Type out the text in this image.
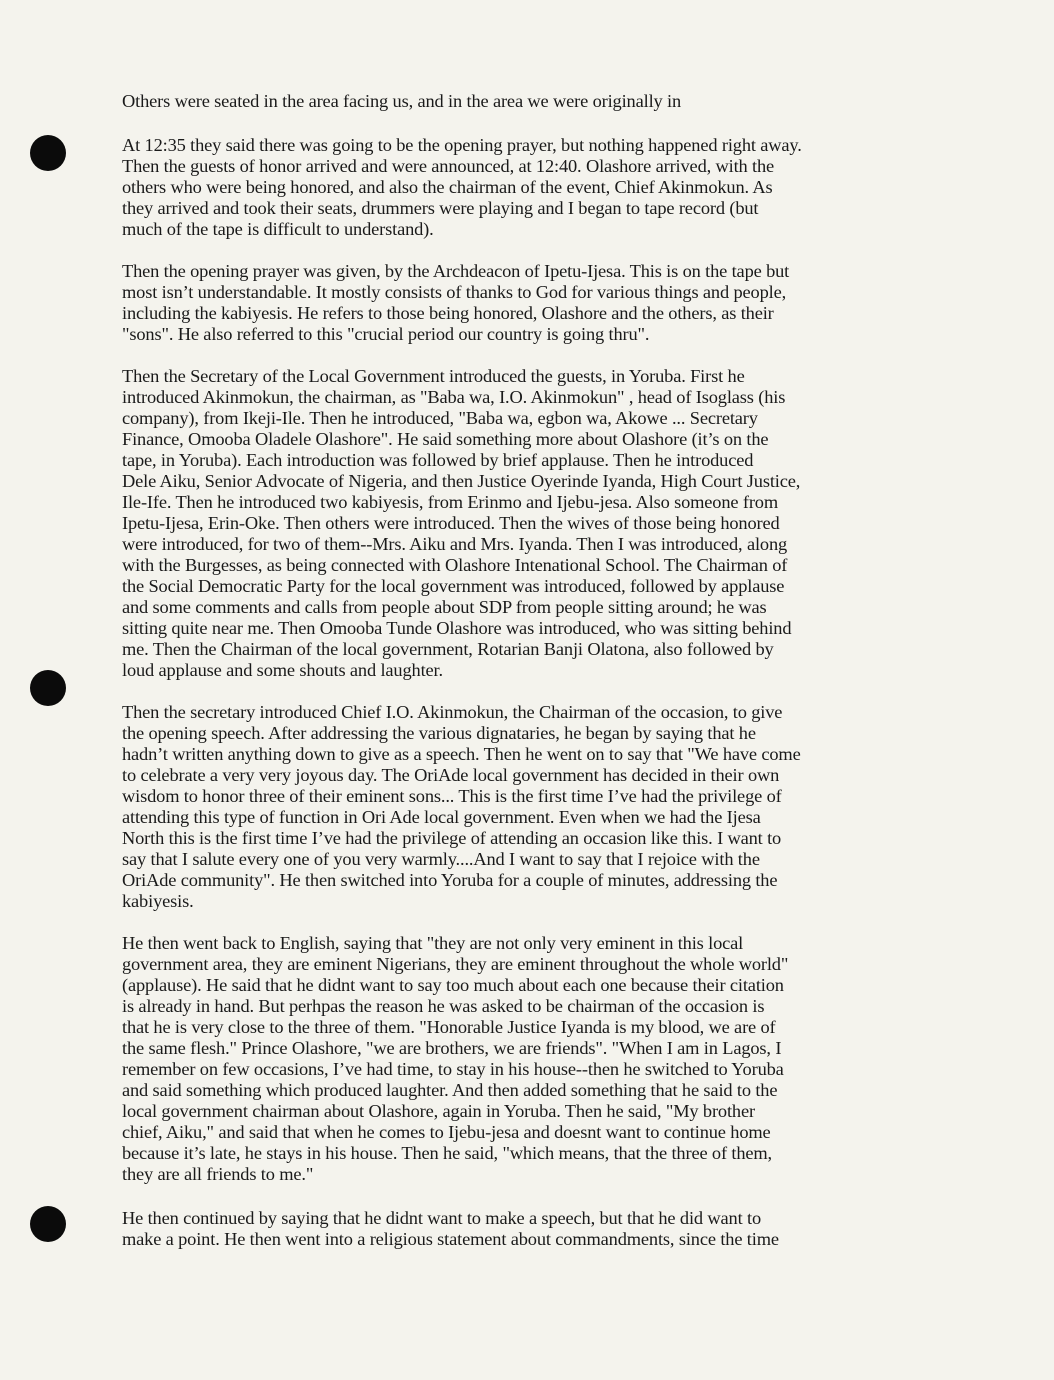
Others were seated in the area facing us, and in the area we were originally in

At 12:35 they said there was going to be the opening prayer, but nothing happened right away.
Then the guests of honor arrived and were announced, at 12:40. Olashore arrived, with the
others who were being honored, and also the chairman of the event, Chief Akinmokun. As
they arrived and took their seats, drummers were playing and I began to tape record (but
much of the tape is difficult to understand).

Then the opening prayer was given, by the Archdeacon of Ipetu-Ijesa. This is on the tape but
most isn’t understandable. It mostly consists of thanks to God for various things and people,
including the kabiyesis. He refers to those being honored, Olashore and the others, as their
"sons". He also referred to this "crucial period our country is going thru".

Then the Secretary of the Local Government introduced the guests, in Yoruba. First he
introduced Akinmokun, the chairman, as "Baba wa, I.O. Akinmokun" , head of Isoglass (his
company), from Ikeji-Ile. Then he introduced, "Baba wa, egbon wa, Akowe ... Secretary
Finance, Omooba Oladele Olashore". He said something more about Olashore (it’s on the
tape, in Yoruba). Each introduction was followed by brief applause. Then he introduced
Dele Aiku, Senior Advocate of Nigeria, and then Justice Oyerinde Iyanda, High Court Justice,
Ile-Ife. Then he introduced two kabiyesis, from Erinmo and Ijebu-jesa. Also someone from
Ipetu-Ijesa, Erin-Oke. Then others were introduced. Then the wives of those being honored
were introduced, for two of them--Mrs. Aiku and Mrs. Iyanda. Then I was introduced, along
with the Burgesses, as being connected with Olashore Intenational School. The Chairman of
the Social Democratic Party for the local government was introduced, followed by applause
and some comments and calls from people about SDP from people sitting around; he was
sitting quite near me. Then Omooba Tunde Olashore was introduced, who was sitting behind
me. Then the Chairman of the local government, Rotarian Banji Olatona, also followed by
loud applause and some shouts and laughter.

Then the secretary introduced Chief I.O. Akinmokun, the Chairman of the occasion, to give
the opening speech. After addressing the various dignataries, he began by saying that he
hadn’t written anything down to give as a speech. Then he went on to say that "We have come
to celebrate a very very joyous day. The OriAde local government has decided in their own
wisdom to honor three of their eminent sons... This is the first time I’ve had the privilege of
attending this type of function in Ori Ade local government. Even when we had the Ijesa
North this is the first time I’ve had the privilege of attending an occasion like this. I want to
say that I salute every one of you very warmly....And I want to say that I rejoice with the
OriAde community". He then switched into Yoruba for a couple of minutes, addressing the
kabiyesis.

He then went back to English, saying that "they are not only very eminent in this local
government area, they are eminent Nigerians, they are eminent throughout the whole world"
(applause). He said that he didnt want to say too much about each one because their citation
is already in hand. But perhpas the reason he was asked to be chairman of the occasion is
that he is very close to the three of them. "Honorable Justice Iyanda is my blood, we are of
the same flesh." Prince Olashore, "we are brothers, we are friends". "When I am in Lagos, I
remember on few occasions, I’ve had time, to stay in his house--then he switched to Yoruba
and said something which produced laughter. And then added something that he said to the
local government chairman about Olashore, again in Yoruba. Then he said, "My brother
chief, Aiku," and said that when he comes to Ijebu-jesa and doesnt want to continue home
because it’s late, he stays in his house. Then he said, "which means, that the three of them,
they are all friends to me."

He then continued by saying that he didnt want to make a speech, but that he did want to
make a point. He then went into a religious statement about commandments, since the time
